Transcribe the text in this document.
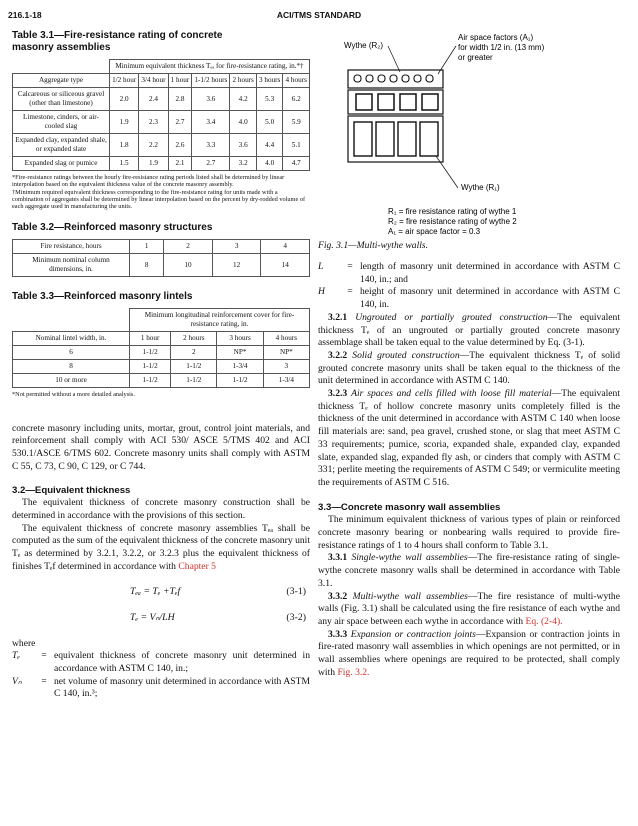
216.1-18	ACI/TMS STANDARD
Table 3.1—Fire-resistance rating of concrete
masonry assemblies
	Minimum equivalent thickness Tₑₐ for fire-resistance rating, in.*†						
Aggregate type	1/2 hour	3/4 hour	1 hour	1-1/2 hours	2 hours	3 hours	4 hours
Calcareous or siliceous gravel (other than limestone)	2.0	2.4	2.8	3.6	4.2	5.3	6.2
Limestone, cinders, or air-cooled slag	1.9	2.3	2.7	3.4	4.0	5.0	5.9
Expanded clay, expanded shale, or expanded slate	1.8	2.2	2.6	3.3	3.6	4.4	5.1
Expanded slag or pumice	1.5	1.9	2.1	2.7	3.2	4.0	4.7

*Fire-resistance ratings between the hourly fire-resistance rating periods listed shall be determined by linear interpolation based on the equivalent thickness value of the concrete masonry assembly.

†Minimum required equivalent thickness corresponding to the fire-resistance rating for units made with a combination of aggregates shall be determined by linear interpolation based on the percent by dry-rodded volume of each aggregate used in manufacturing the units.

Table 3.2—Reinforced masonry structures
Fire resistance, hours	1	2	3	4
Minimum nominal column dimensions, in.	8	10	12	14
Table 3.3—Reinforced masonry lintels
	Minimum longitudinal reinforcement cover for fire-resistance rating, in.			
Nominal lintel width, in.	1 hour	2 hours	3 hours	4 hours
6	1-1/2	2	NP*	NP*
8	1-1/2	1-1/2	1-3/4	3
10 or more	1-1/2	1-1/2	1-1/2	1-3/4
*Not permitted without a more detailed analysis.

concrete masonry including units, mortar, grout, control joint materials, and reinforcement shall comply with ACI 530/ ASCE 5/TMS 402 and ACI 530.1/ASCE 6/TMS 602. Concrete masonry units shall comply with ASTM C 55, C 73, C 90, C 129, or C 744.

3.2—Equivalent thickness

The equivalent thickness of concrete masonry construction shall be determined in accordance with the provisions of this section.

The equivalent thickness of concrete masonry assemblies Tₑₐ shall be computed as the sum of the equivalent thickness of the concrete masonry unit Tₑ as determined by 3.2.1, 3.2.2, or 3.2.3 plus the equivalent thickness of finishes Tₑf determined in accordance with Chapter 5

Tₑₐ = Tₑ +Tₑf	(3-1)
Tₑ = Vₙ/LH	(3-2)

where

Tₑ	= equivalent thickness of concrete masonry unit determined in accordance with ASTM C 140, in.;
Vₙ	= net volume of masonry unit determined in accordance with ASTM C 140, in.³;
Wythe (R₂)
Air space factors (A₁)
for width 1/2 in. (13 mm)
or greater
Wythe (R₁)
R₁ = fire resistance rating of wythe 1
R₂ = fire resistance rating of wythe 2
A₁ = air space factor = 0.3

Fig. 3.1—Multi-wythe walls.

L	= length of masonry unit determined in accordance with ASTM C 140, in.; and
H	= height of masonry unit determined in accordance with ASTM C 140, in.

3.2.1 Ungrouted or partially grouted construction—The equivalent thickness Tₑ of an ungrouted or partially grouted concrete masonry assemblage shall be taken equal to the value determined by Eq. (3-1).

3.2.2 Solid grouted construction—The equivalent thickness Tₑ of solid grouted concrete masonry units shall be taken equal to the thickness of the unit determined in accordance with ASTM C 140.

3.2.3 Air spaces and cells filled with loose fill material—The equivalent thickness Tₑ of hollow concrete masonry units completely filled is the thickness of the unit determined in accordance with ASTM C 140 when loose fill materials are: sand, pea gravel, crushed stone, or slag that meet ASTM C 33 requirements; pumice, scoria, expanded shale, expanded clay, expanded slate, expanded slag, expanded fly ash, or cinders that comply with ASTM C 331; perlite meeting the requirements of ASTM C 549; or vermiculite meeting the requirements of ASTM C 516.

3.3—Concrete masonry wall assemblies

The minimum equivalent thickness of various types of plain or reinforced concrete masonry bearing or nonbearing walls required to provide fire-resistance ratings of 1 to 4 hours shall conform to Table 3.1.

3.3.1 Single-wythe wall assemblies—The fire-resistance rating of single-wythe concrete masonry walls shall be determined in accordance with Table 3.1.

3.3.2 Multi-wythe wall assemblies—The fire resistance of multi-wythe walls (Fig. 3.1) shall be calculated using the fire resistance of each wythe and any air space between each wythe in accordance with Eq. (2-4).

3.3.3 Expansion or contraction joints—Expansion or contraction joints in fire-rated masonry wall assemblies in which openings are not permitted, or in wall assemblies where openings are required to be protected, shall comply with Fig. 3.2.
